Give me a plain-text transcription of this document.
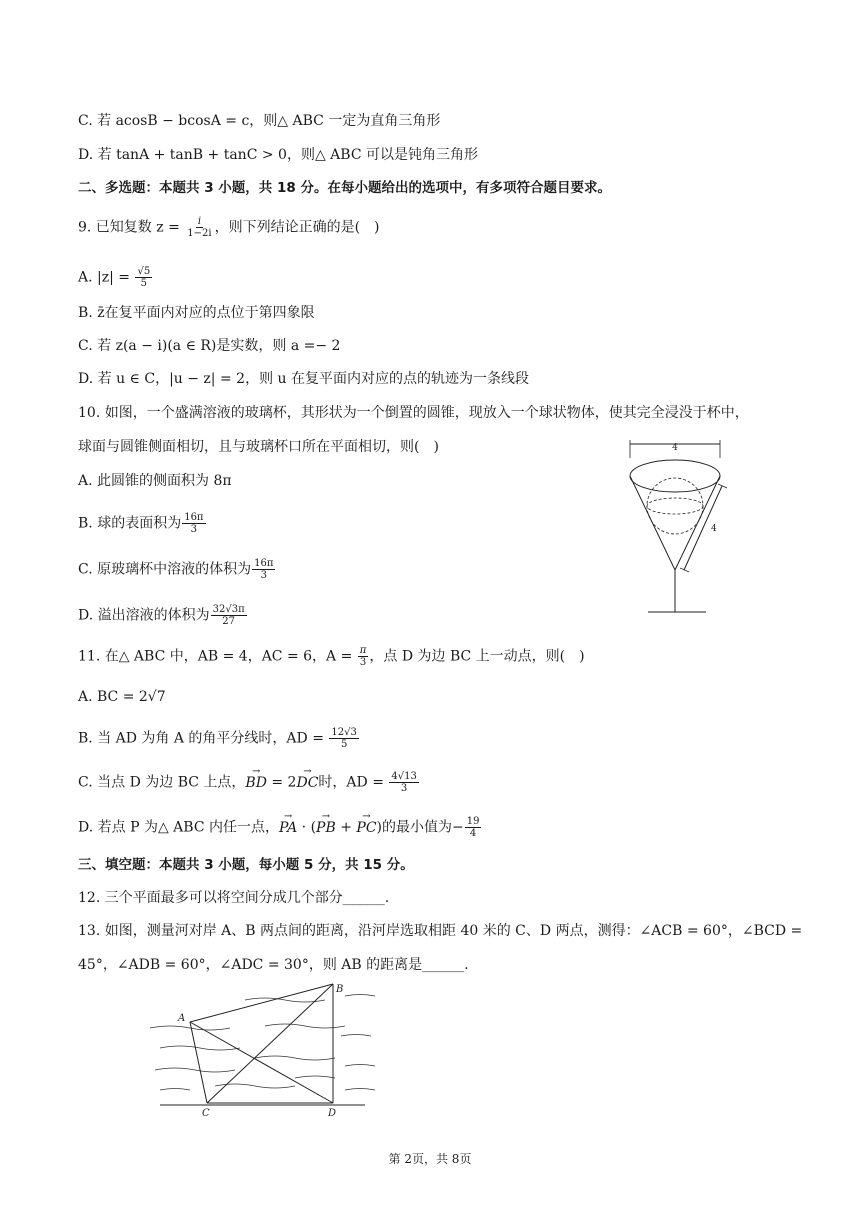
C. 若 acosB − bcosA = c，则△ ABC 一定为直角三角形
D. 若 tanA + tanB + tanC > 0，则△ ABC 可以是钝角三角形
二、多选题：本题共 3 小题，共 18 分。在每小题给出的选项中，有多项符合题目要求。
9. 已知复数 $z = \frac{i}{1-2i}$ ，则下列结论正确的是(　)
A. $|z| = \frac{√5}{5}$
B. z̄在复平面内对应的点位于第四象限
C. 若 z(a − i)(a ∈ R)是实数，则 a =− 2
D. 若 u ∈ C，|u − z| = 2，则 u 在复平面内对应的点的轨迹为一条线段
10. 如图，一个盛满溶液的玻璃杯，其形状为一个倒置的圆锥，现放入一个球状物体，使其完全浸没于杯中，
球面与圆锥侧面相切，且与玻璃杯口所在平面相切，则(　)
A. 此圆锥的侧面积为 8π
B. 球的表面积为 $\frac{16\pi}{3}$
C. 原玻璃杯中溶液的体积为 $\frac{16\pi}{3}$
D. 溢出溶液的体积为 $\frac{32√3\pi}{27}$
4
4
11. 在△ ABC 中，AB = 4，AC = 6，$A = \frac{\pi}{3}$ ，点 D 为边 BC 上一动点，则(　)
A. BC = 2√7
B. 当 AD 为角 A 的角平分线时，AD = $\frac{12√3}{5}$
C. 当点 D 为边 BC 上点，→ BD = 2→ DC时，AD = $\frac{4√13}{3}$
D. 若点 P 为△ ABC 内任一点，→ PA · (→ PB + → PC)的最小值为− $\frac{19}{4}$
三、填空题：本题共 3 小题，每小题 5 分，共 15 分。
12. 三个平面最多可以将空间分成几个部分______.
13. 如图，测量河对岸 A、B 两点间的距离，沿河岸选取相距 40 米的 C、D 两点，测得：∠ACB = 60°，∠BCD =
45°，∠ADB = 60°，∠ADC = 30°，则 AB 的距离是______.
A
B
C	D
第 2页，共 8页
